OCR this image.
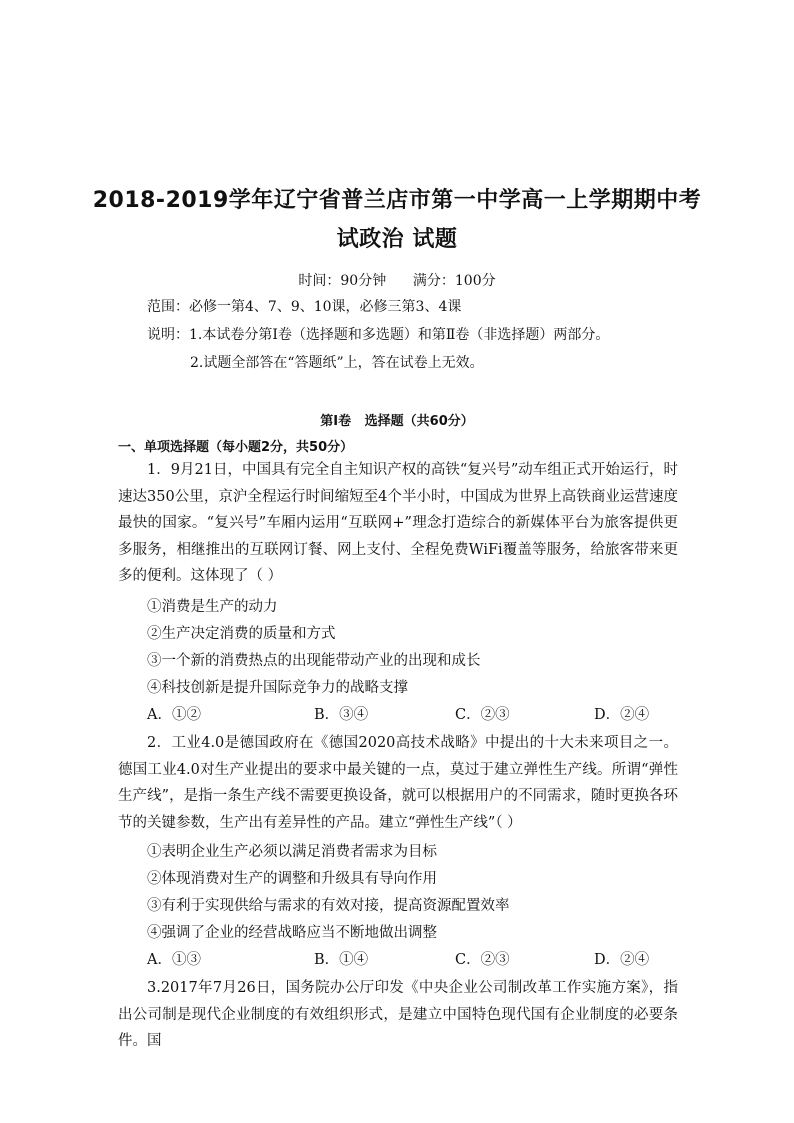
2018-2019学年辽宁省普兰店市第一中学高一上学期期中考
试政治 试题
时间：90分钟      满分：100分
范围：必修一第4、7、9、10课，必修三第3、4课
说明：1.本试卷分第Ⅰ卷（选择题和多选题）和第Ⅱ卷（非选择题）两部分。
2.试题全部答在“答题纸”上，答在试卷上无效。
第Ⅰ卷   选择题（共60分）
一、单项选择题（每小题2分，共50分）
1．9月21日，中国具有完全自主知识产权的高铁“复兴号”动车组正式开始运行，时速达350公里，京沪全程运行时间缩短至4个半小时，中国成为世界上高铁商业运营速度最快的国家。“复兴号”车厢内运用“互联网+”理念打造综合的新媒体平台为旅客提供更多服务，相继推出的互联网订餐、网上支付、全程免费WiFi覆盖等服务，给旅客带来更多的便利。这体现了（ ）
①消费是生产的动力
②生产决定消费的质量和方式
③一个新的消费热点的出现能带动产业的出现和成长
④科技创新是提升国际竞争力的战略支撑
A．①②	B．③④	C．②③	D．②④
2．工业4.0是德国政府在《德国2020高技术战略》中提出的十大未来项目之一。德国工业4.0对生产业提出的要求中最关键的一点，莫过于建立弹性生产线。所谓“弹性生产线”，是指一条生产线不需要更换设备，就可以根据用户的不同需求，随时更换各环节的关键参数，生产出有差异性的产品。建立“弹性生产线”（ ）
①表明企业生产必须以满足消费者需求为目标
②体现消费对生产的调整和升级具有导向作用
③有利于实现供给与需求的有效对接，提高资源配置效率
④强调了企业的经营战略应当不断地做出调整
A．①③	B．①④	C．②③	D．②④
3.2017年7月26日，国务院办公厅印发《中央企业公司制改革工作实施方案》，指出公司制是现代企业制度的有效组织形式，是建立中国特色现代国有企业制度的必要条件。国
